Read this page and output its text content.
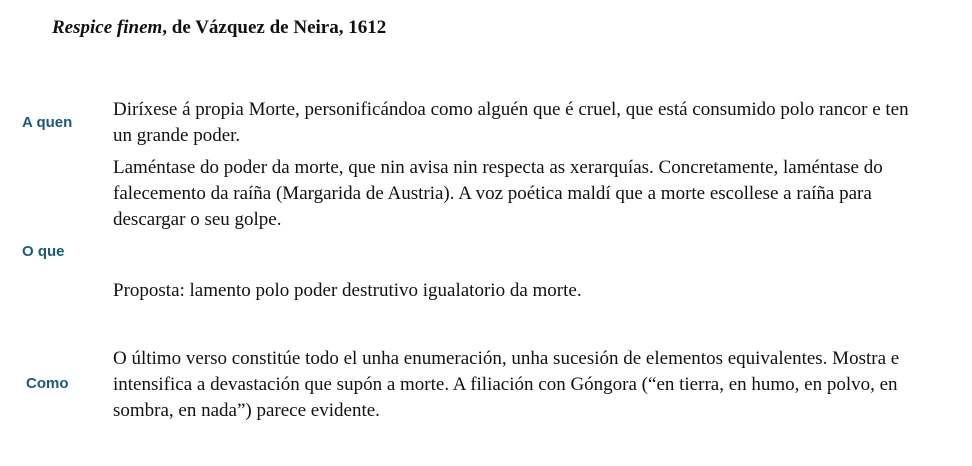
Respice finem, de Vázquez de Neira, 1612
A quen

Diríxese á propia Morte, personificándoa como alguén que é cruel, que está consumido polo rancor e ten un grande poder.

Laméntase do poder da morte, que nin avisa nin respecta as xerarquías. Concretamente, laméntase do falecemento da raíña (Margarida de Austria). A voz poética maldí que a morte escollese a raíña para descargar o seu golpe.

O que

Proposta: lamento polo poder destrutivo igualatorio da morte.

Como

O último verso constitúe todo el unha enumeración, unha sucesión de elementos equivalentes. Mostra e intensifica a devastación que supón a morte. A filiación con Góngora (“en tierra, en humo, en polvo, en sombra, en nada”) parece evidente.
